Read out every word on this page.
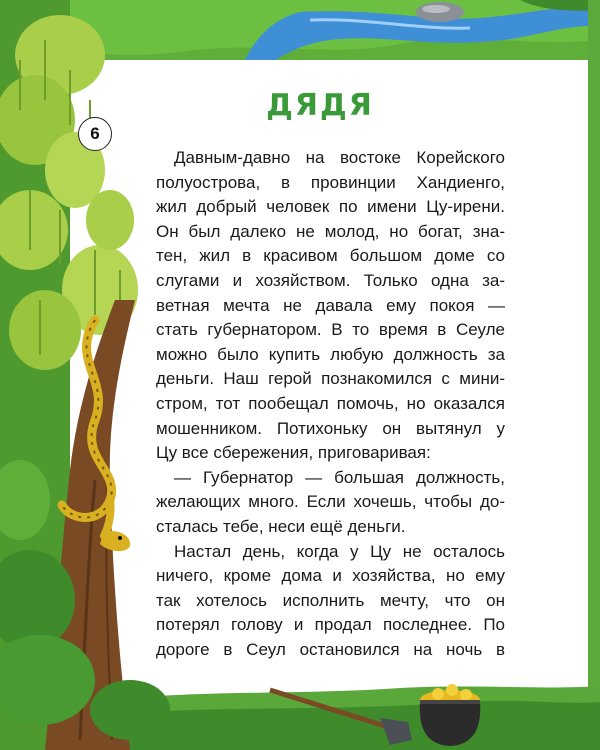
6
ДЯДЯ
Давным-давно на востоке Корейского
полуострова, в провинции Хандиенго,
жил добрый человек по имени Цу-ирени.
Он был далеко не молод, но богат, зна-
тен, жил в красивом большом доме со
слугами и хозяйством. Только одна за-
ветная мечта не давала ему покоя —
стать губернатором. В то время в Сеуле
можно было купить любую должность за
деньги. Наш герой познакомился с мини-
стром, тот пообещал помочь, но оказался
мошенником. Потихоньку он вытянул у
Цу все сбережения, приговаривая:
— Губернатор — большая должность,
желающих много. Если хочешь, чтобы до-
сталась тебе, неси ещё деньги.
Настал день, когда у Цу не осталось
ничего, кроме дома и хозяйства, но ему
так хотелось исполнить мечту, что он
потерял голову и продал последнее. По
дороге в Сеул остановился на ночь в
